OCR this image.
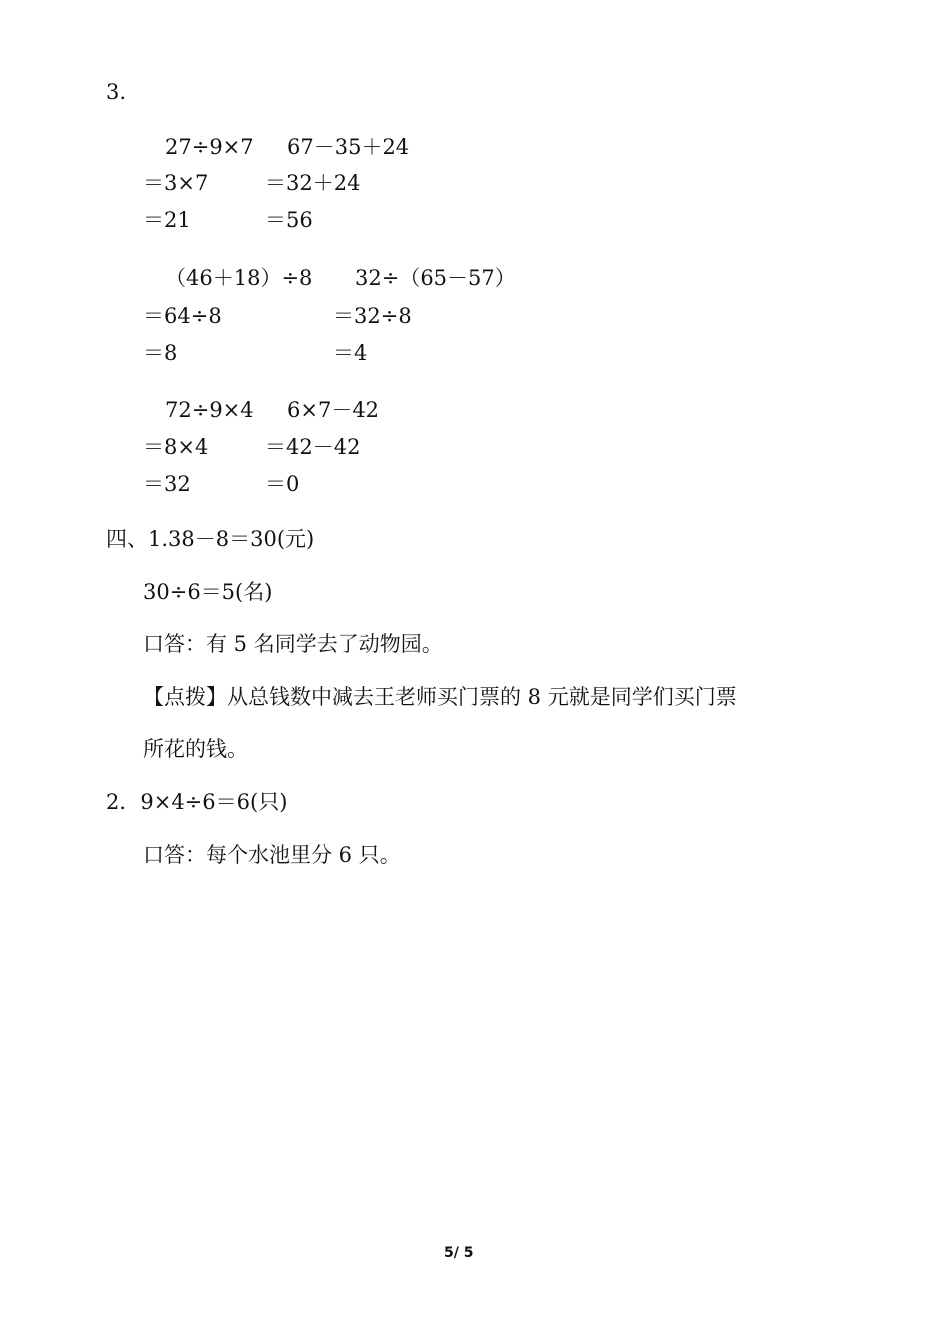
3.
27÷9×7
＝3×7
＝21
67－35＋24
＝32＋24
＝56
（46＋18）÷8
＝64÷8
＝8
32÷（65－57）
＝32÷8
＝4
72÷9×4
＝8×4
＝32
6×7－42
＝42－42
＝0
四、1.38－8＝30(元)
30÷6＝5(名)
口答：有 5 名同学去了动物园。
【点拨】从总钱数中减去王老师买门票的 8 元就是同学们买门票
所花的钱。
2．9×4÷6＝6(只)
口答：每个水池里分 6 只。
5/ 5
